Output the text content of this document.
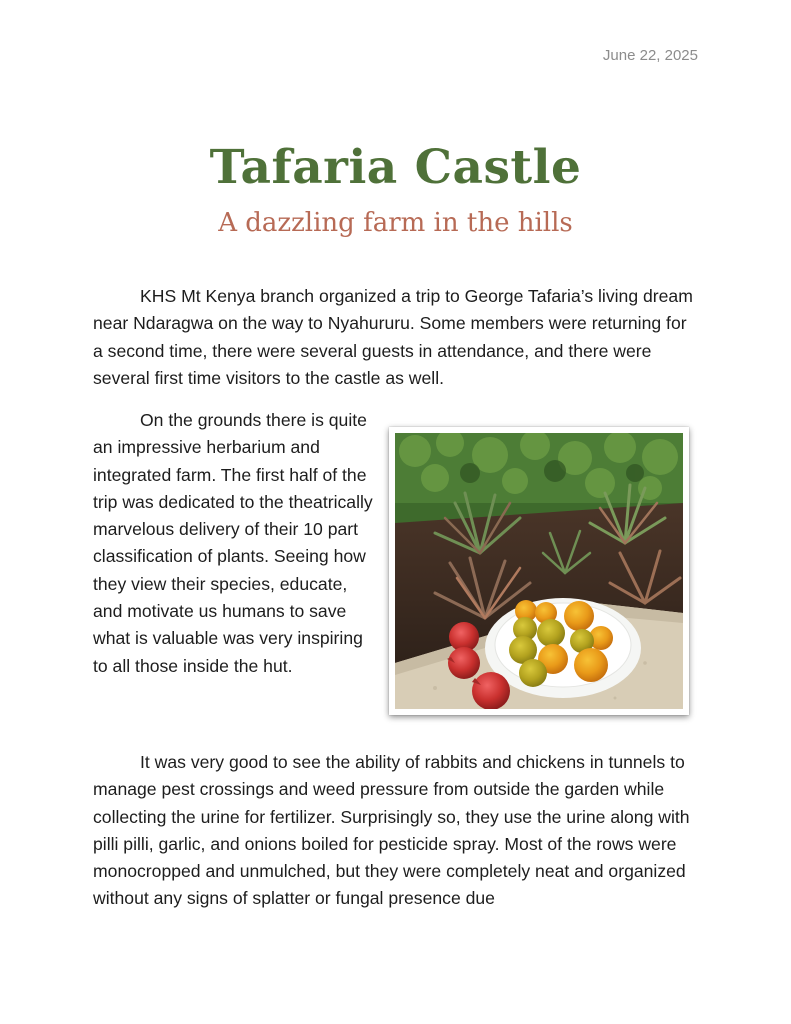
June 22, 2025
Tafaria Castle
A dazzling farm in the hills

KHS Mt Kenya branch organized a trip to George Tafaria’s living dream near Ndaragwa on the way to Nyahururu. Some members were returning for a second time, there were several guests in attendance, and there were several first time visitors to the castle as well.

On the grounds there is quite an impressive herbarium and integrated farm. The first half of the trip was dedicated to the theatrically marvelous delivery of their 10 part classification of plants. Seeing how they view their species, educate, and motivate us humans to save what is valuable was very inspiring to all those inside the hut.

It was very good to see the ability of rabbits and chickens in tunnels to manage pest crossings and weed pressure from outside the garden while collecting the urine for fertilizer. Surprisingly so, they use the urine along with pilli pilli, garlic, and onions boiled for pesticide spray. Most of the rows were monocropped and unmulched, but they were completely neat and organized without any signs of splatter or fungal presence due
